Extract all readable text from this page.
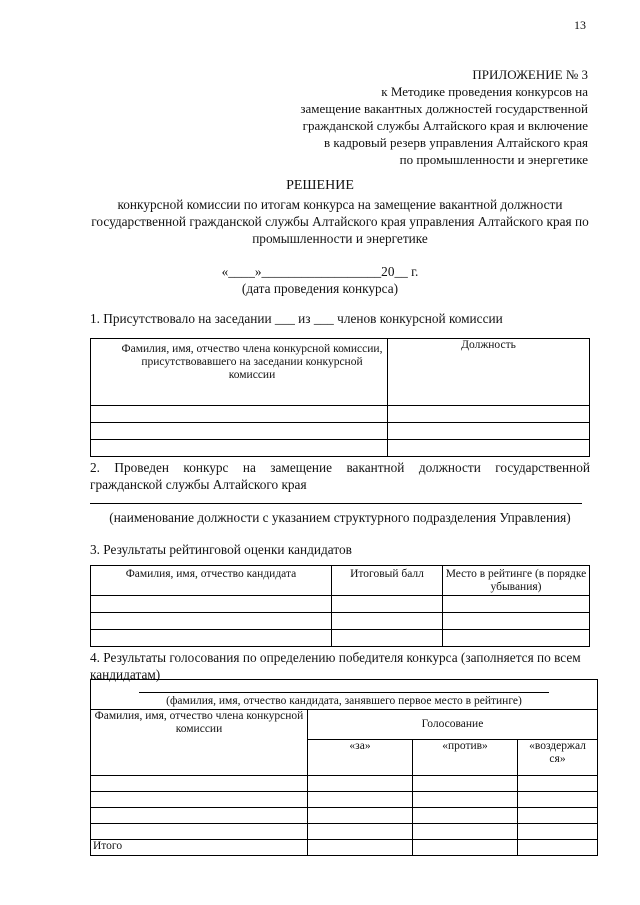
13
ПРИЛОЖЕНИЕ № 3
к Методике проведения конкурсов на
замещение вакантных должностей государственной
гражданской службы Алтайского края и включение
в кадровый резерв управления Алтайского края
по промышленности и энергетике
РЕШЕНИЕ
конкурсной комиссии по итогам конкурса на замещение вакантной должности государственной гражданской службы Алтайского края управления Алтайского края по промышленности и энергетике
«____»__________________20__ г.
(дата проведения конкурса)
1. Присутствовало на заседании ___ из ___ членов конкурсной комиссии
Фамилия, имя, отчество члена конкурсной комиссии, присутствовавшего на заседании конкурсной комиссии	Должность

2. Проведен конкурс на замещение вакантной должности государственной
гражданской службы Алтайского края
(наименование должности с указанием структурного подразделения Управления)
3. Результаты рейтинговой оценки кандидатов
Фамилия, имя, отчество кандидата	Итоговый балл	Место в рейтинге (в порядке убывания)

4. Результаты голосования по определению победителя конкурса (заполняется по всем кандидатам)
(фамилия, имя, отчество кандидата, занявшего первое место в рейтинге)			
Фамилия, имя, отчество члена конкурсной комиссии	Голосование		
	«за»	«против»	«воздержал ся»

Итого			
